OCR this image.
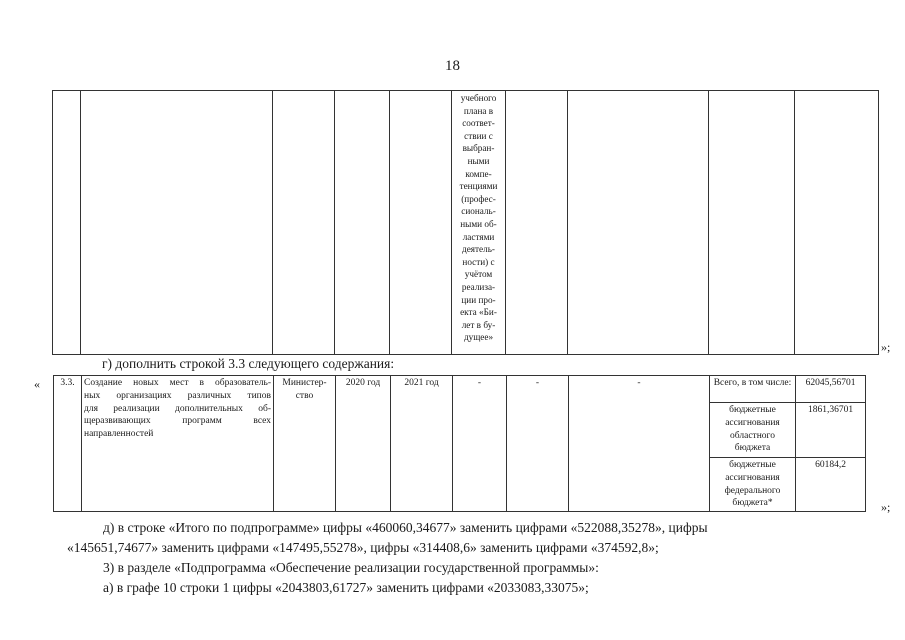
18

учебного
плана в
соответ-
ствии с
выбран-
ными
компе-
тенциями
(профес-
сиональ-
ными об-
ластями
деятель-
ности) с
учётом
реализа-
ции про-
екта «Би-
лет в бу-
дущее»

»;
г) дополнить строкой 3.3 следующего содержания:
« 3.3.	Создание новых мест в образователь-
ных организациях различных типов
для реализации дополнительных об-
щеразвивающих программ всех
направленностей	Министер- ство	2020 год	2021 год	-	-	-	Всего, в том числе:	62045,56701
								бюджетные ассигнования областного бюджета	1861,36701
								бюджетные ассигнования федерального бюджета*	60184,2
»;
д) в строке «Итого по подпрограмме» цифры «460060,34677» заменить цифрами «522088,35278», цифры
«145651,74677» заменить цифрами «147495,55278», цифры «314408,6» заменить цифрами «374592,8»;
3) в разделе «Подпрограмма «Обеспечение реализации государственной программы»:
а) в графе 10 строки 1 цифры «2043803,61727» заменить цифрами «2033083,33075»;
